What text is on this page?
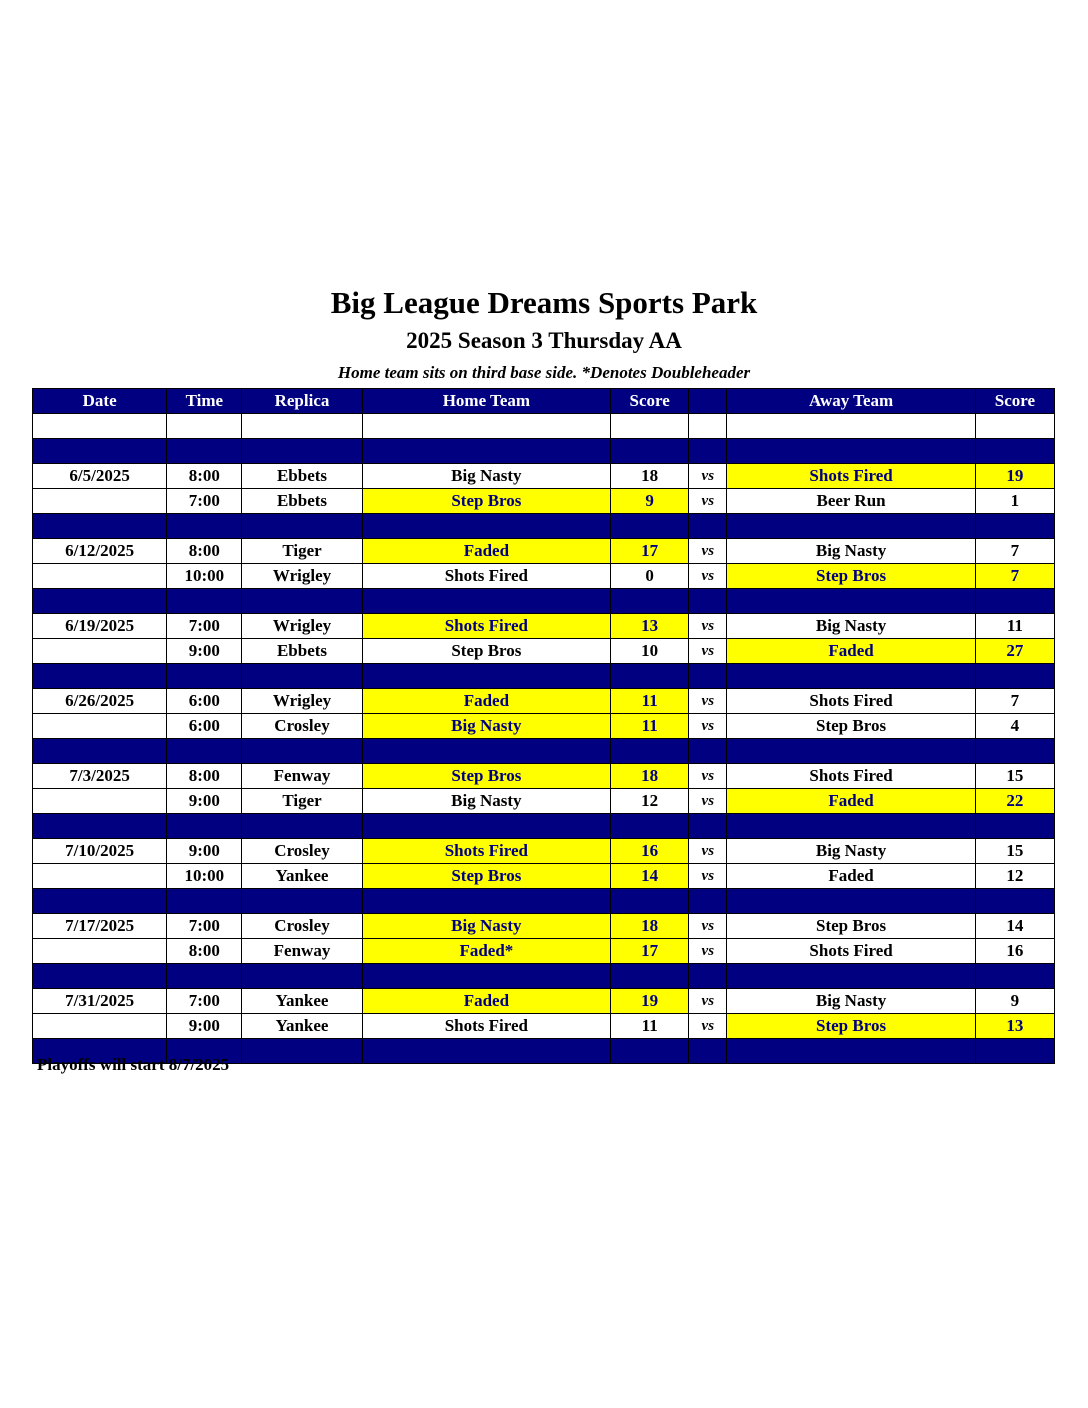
Big League Dreams Sports Park
2025 Season 3 Thursday AA
Home team sits on third base side. *Denotes Doubleheader
Date	Time	Replica	Home Team	Score		Away Team	Score

6/5/2025	8:00	Ebbets	Big Nasty	18	vs	Shots Fired	19
	7:00	Ebbets	Step Bros	9	vs	Beer Run	1

6/12/2025	8:00	Tiger	Faded	17	vs	Big Nasty	7
	10:00	Wrigley	Shots Fired	0	vs	Step Bros	7

6/19/2025	7:00	Wrigley	Shots Fired	13	vs	Big Nasty	11
	9:00	Ebbets	Step Bros	10	vs	Faded	27

6/26/2025	6:00	Wrigley	Faded	11	vs	Shots Fired	7
	6:00	Crosley	Big Nasty	11	vs	Step Bros	4

7/3/2025	8:00	Fenway	Step Bros	18	vs	Shots Fired	15
	9:00	Tiger	Big Nasty	12	vs	Faded	22

7/10/2025	9:00	Crosley	Shots Fired	16	vs	Big Nasty	15
	10:00	Yankee	Step Bros	14	vs	Faded	12

7/17/2025	7:00	Crosley	Big Nasty	18	vs	Step Bros	14
	8:00	Fenway	Faded*	17	vs	Shots Fired	16

7/31/2025	7:00	Yankee	Faded	19	vs	Big Nasty	9
	9:00	Yankee	Shots Fired	11	vs	Step Bros	13

Playoffs will start 8/7/2025
